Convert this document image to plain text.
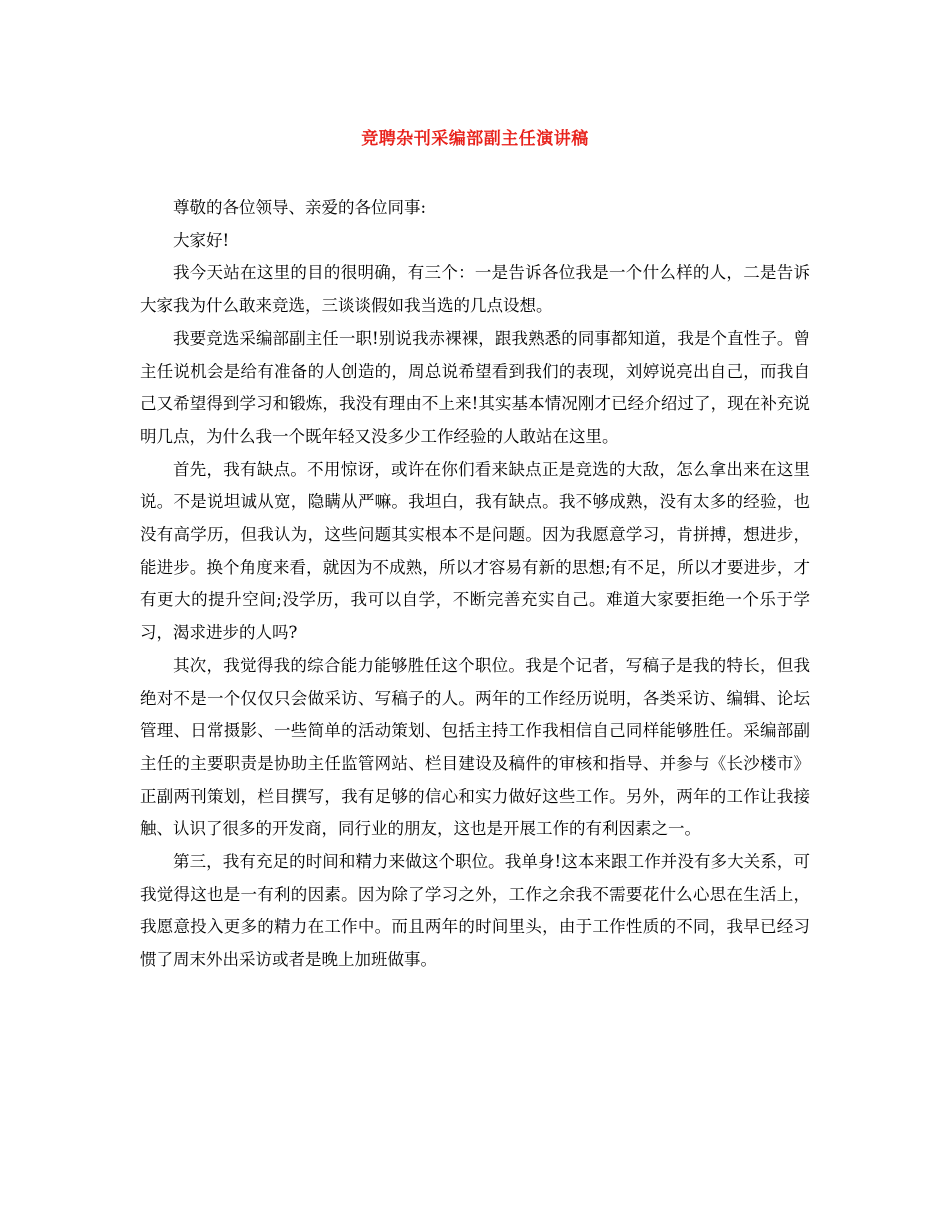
竞聘杂刊采编部副主任演讲稿

尊敬的各位领导、亲爱的各位同事:

大家好!

我今天站在这里的目的很明确，有三个：一是告诉各位我是一个什么样的人，二是告诉大家我为什么敢来竞选，三谈谈假如我当选的几点设想。

我要竞选采编部副主任一职!别说我赤裸裸，跟我熟悉的同事都知道，我是个直性子。曾主任说机会是给有准备的人创造的，周总说希望看到我们的表现，刘婷说亮出自己，而我自己又希望得到学习和锻炼，我没有理由不上来!其实基本情况刚才已经介绍过了，现在补充说明几点，为什么我一个既年轻又没多少工作经验的人敢站在这里。

首先，我有缺点。不用惊讶，或许在你们看来缺点正是竞选的大敌，怎么拿出来在这里说。不是说坦诚从宽，隐瞒从严嘛。我坦白，我有缺点。我不够成熟，没有太多的经验，也没有高学历，但我认为，这些问题其实根本不是问题。因为我愿意学习，肯拼搏，想进步，能进步。换个角度来看，就因为不成熟，所以才容易有新的思想;有不足，所以才要进步，才有更大的提升空间;没学历，我可以自学，不断完善充实自己。难道大家要拒绝一个乐于学习，渴求进步的人吗?

其次，我觉得我的综合能力能够胜任这个职位。我是个记者，写稿子是我的特长，但我绝对不是一个仅仅只会做采访、写稿子的人。两年的工作经历说明，各类采访、编辑、论坛管理、日常摄影、一些简单的活动策划、包括主持工作我相信自己同样能够胜任。采编部副主任的主要职责是协助主任监管网站、栏目建设及稿件的审核和指导、并参与《长沙楼市》正副两刊策划，栏目撰写，我有足够的信心和实力做好这些工作。另外，两年的工作让我接触、认识了很多的开发商，同行业的朋友，这也是开展工作的有利因素之一。

第三，我有充足的时间和精力来做这个职位。我单身!这本来跟工作并没有多大关系，可我觉得这也是一有利的因素。因为除了学习之外，工作之余我不需要花什么心思在生活上，我愿意投入更多的精力在工作中。而且两年的时间里头，由于工作性质的不同，我早已经习惯了周末外出采访或者是晚上加班做事。
